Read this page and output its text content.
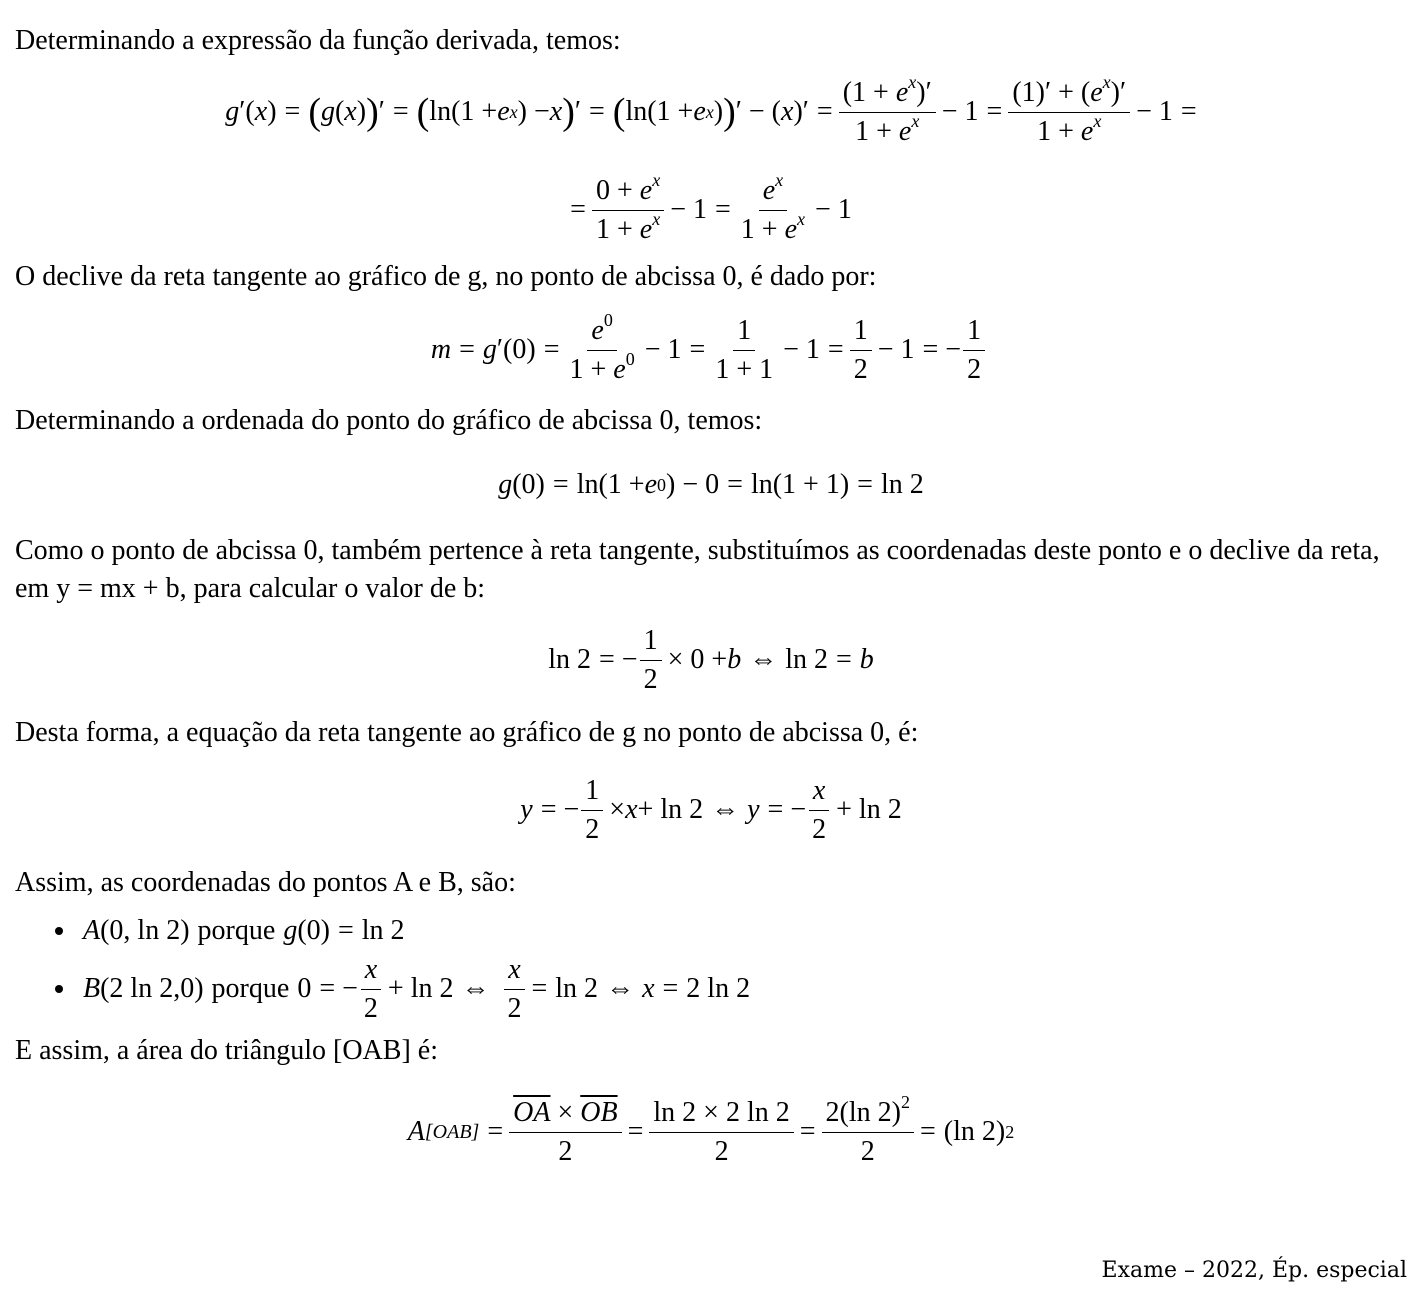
Determinando a expressão da função derivada, temos:

g ′( x ) = ( g ( x ) ) ′ = ( ln(1 + e x ) − x ) ′ = ( ln(1 + e x ) ) ′ − ( x )′ = $\frac{(1 + e^x)'}{1 + e^x} - 1 = \frac{(1)' + (e^x)'}{1 + e^x} - 1$ =
= $\frac{0 + e^x}{1 + e^x} - 1 = \frac{e^x}{1 + e^x} - 1$

O declive da reta tangente ao gráfico de g, no ponto de abcissa 0, é dado por:

m = g $'(0) = \frac{e^0}{1 + e^0} - 1 = \frac{1}{1 + 1} - 1 = \frac{1}{2} - 1$ = − $\frac{1}{2}$

Determinando a ordenada do ponto do gráfico de abcissa 0, temos:

g (0) = ln(1 + e 0 ) − 0 = ln(1 + 1) = ln 2

Como o ponto de abcissa 0, também pertence à reta tangente, substituímos as coordenadas deste ponto e o declive da reta, em y = mx + b, para calcular o valor de b:

ln 2 = − $\frac{1}{2} \times 0 + b$ ⇔ ln 2 = b

Desta forma, a equação da reta tangente ao gráfico de g no ponto de abcissa 0, é:

y = − $\frac{1}{2} \times x + \ln 2$ ⇔ y = − $\frac{x}{2} + \ln 2$

Assim, as coordenadas do pontos A e B, são:

A (0, ln 2) porque g (0) = ln 2
B (2 ln 2,0) porque 0 = − $\frac{x}{2} + \ln 2$ ⇔ $\frac{x}{2} = \ln 2$ ⇔ x = 2 ln 2

E assim, a área do triângulo [OAB] é:

A $[OAB] = \frac{\overline{OA} \times \overline{OB}}{2} = \frac{\ln 2 \times 2 \ln 2}{2} = \frac{2(\ln 2)^2}{2} = (\ln$ 2) 2
Exame – 2022, Ép. especial
